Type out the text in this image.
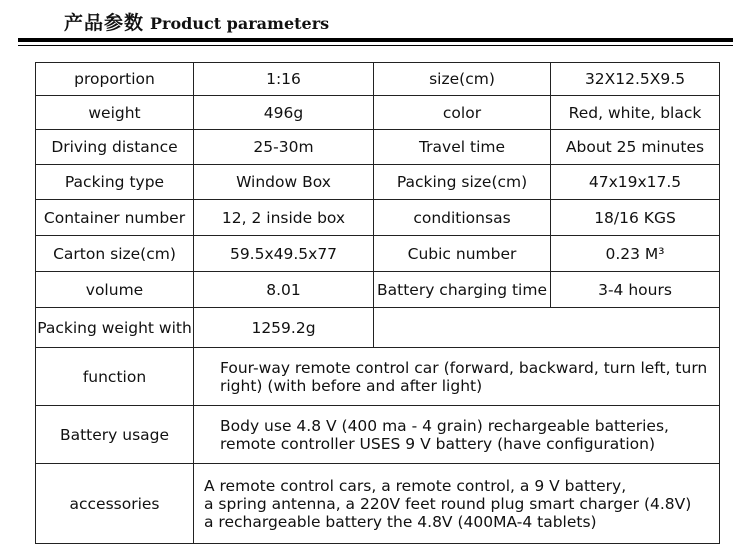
产品参数 Product parameters
proportion	1:16	size(cm)	32X12.5X9.5
weight	496g	color	Red, white, black
Driving distance	25-30m	Travel time	About 25 minutes
Packing type	Window Box	Packing size(cm)	47x19x17.5
Container number	12, 2 inside box	conditionsas	18/16 KGS
Carton size(cm)	59.5x49.5x77	Cubic number	0.23 M³
volume	8.01	Battery charging time	3-4 hours
Packing weight with	1259.2g		
function	Four-way remote control car (forward, backward, turn left, turn right) (with before and after light)		
Battery usage	Body use 4.8 V (400 ma - 4 grain) rechargeable batteries, remote controller USES 9 V battery (have configuration)		
accessories	A remote control cars, a remote control, a 9 V battery,
a spring antenna, a 220V feet round plug smart charger (4.8V)
a rechargeable battery the 4.8V (400MA-4 tablets)		
